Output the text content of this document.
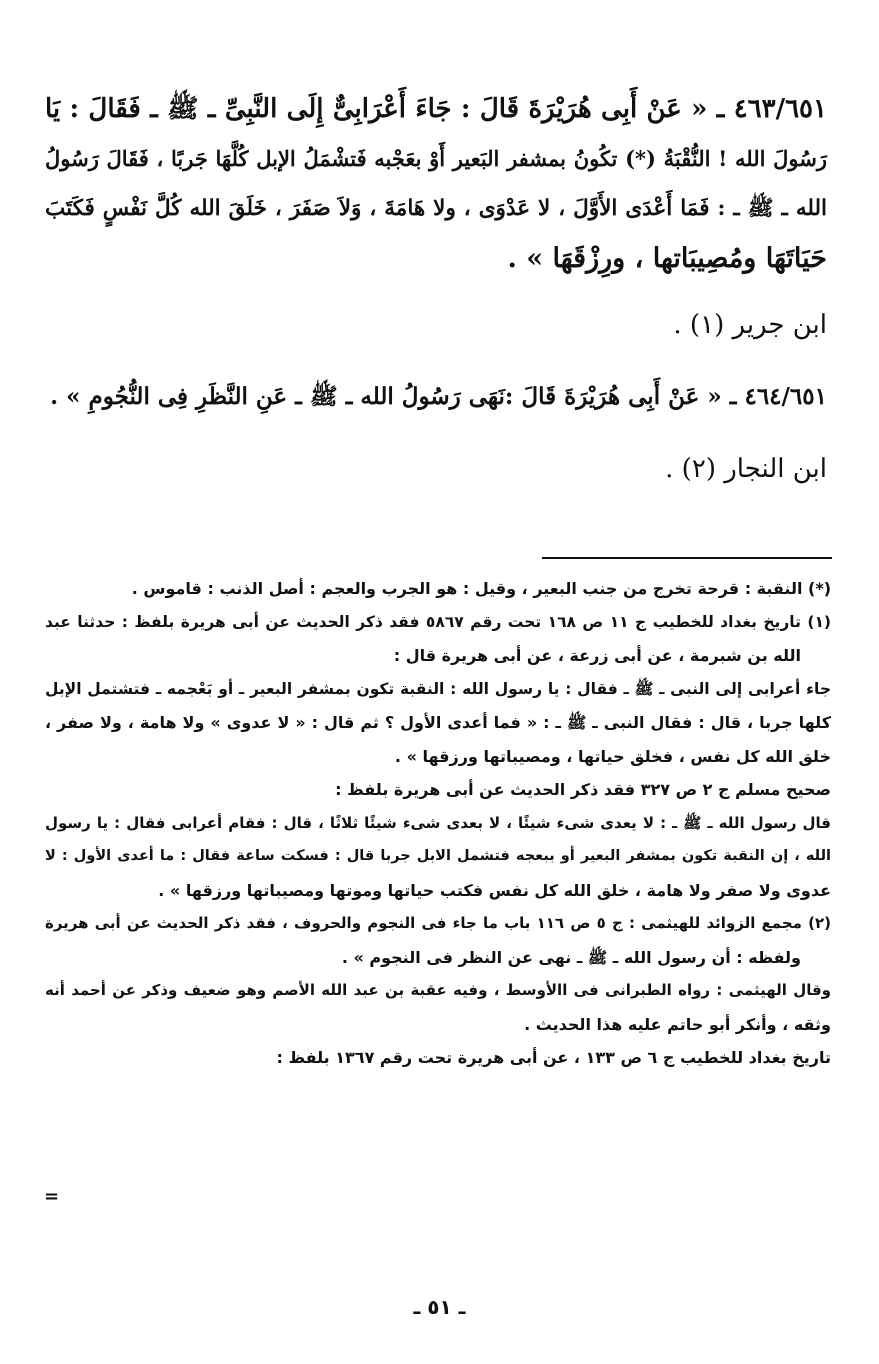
٤٦٣/٦٥١ ـ « عَنْ أَبِى هُرَيْرَةَ قَالَ : جَاءَ أَعْرَابِىٌّ إِلَى النَّبِىِّ ـ ﷺ ـ فَقَالَ : يَا
رَسُولَ الله ! النُّقْبَةُ (*) تكُونُ بمشفر البَعير أَوْ بعَجْبه فَتشْمَلُ الإبل كُلَّهَا جَربًا ، فَقَالَ رَسُولُ
الله ـ ﷺ ـ : فَمَا أَعْدَى الأَوَّلَ ، لا عَدْوَى ، ولا هَامَةَ ، وَلاَ صَفَرَ ، خَلَقَ الله كُلَّ نَفْسٍ فَكَتَبَ
حَيَاتَهَا ومُصِيبَاتها ، ورِزْقَهَا » .
ابن جرير (١) .
٤٦٤/٦٥١ ـ « عَنْ أَبِى هُرَيْرَةَ قَالَ :نَهَى رَسُولُ الله ـ ﷺ ـ عَنِ النَّظَرِ فِى النُّجُومِ » .
ابن النجار (٢) .
(*) النقبة : قرحة تخرج من جنب البعير ، وقيل : هو الجرب والعجم : أصل الذنب : قاموس .
(١) تاريخ بغداد للخطيب ج ١١ ص ١٦٨ تحت رقم ٥٨٦٧ فقد ذكر الحديث عن أبى هريرة بلفظ : حدثنا عبد
الله بن شبرمة ، عن أبى زرعة ، عن أبى هريرة قال :
جاء أعرابى إلى النبى ـ ﷺ ـ فقال : يا رسول الله : النقبة تكون بمشفر البعير ـ أو بَعْجمه ـ فتشتمل الإبل
كلها جربا ، قال : فقال النبى ـ ﷺ ـ : « فما أعدى الأول ؟ ثم قال : « لا عدوى » ولا هامة ، ولا صفر ،
خلق الله كل نفس ، فخلق حياتها ، ومصيباتها ورزقها » .
صحيح مسلم ج ٢ ص ٣٢٧ فقد ذكر الحديث عن أبى هريرة بلفظ :
قال رسول الله ـ ﷺ ـ : لا يعدى شىء شيئًا ، لا بعدى شىء شيئًا ثلاثًا ، قال : فقام أعرابى فقال : يا رسول
الله ، إن النقبة تكون بمشفر البعير أو ببعجه فتشمل الابل جربا قال : فسكت ساعة فقال : ما أعدى الأول : لا
عدوى ولا صفر ولا هامة ، خلق الله كل نفس فكتب حياتها وموتها ومصيباتها ورزقها » .
(٢) مجمع الزوائد للهيثمى : ج ٥ ص ١١٦ باب ما جاء فى النجوم والحروف ، فقد ذكر الحديث عن أبى هريرة
ولفظه : أن رسول الله ـ ﷺ ـ نهى عن النظر فى النجوم » .
وقال الهيثمى : رواه الطبرانى فى االأوسط ، وفيه عقبة بن عبد الله الأصم وهو ضعيف وذكر عن أحمد أنه
وثقه ، وأنكر أبو حاتم عليه هذا الحديث .
تاريخ بغداد للخطيب ج ٦ ص ١٣٣ ، عن أبى هريرة تحت رقم ١٣٦٧ بلفظ :
=
ـ ٥١ ـ
